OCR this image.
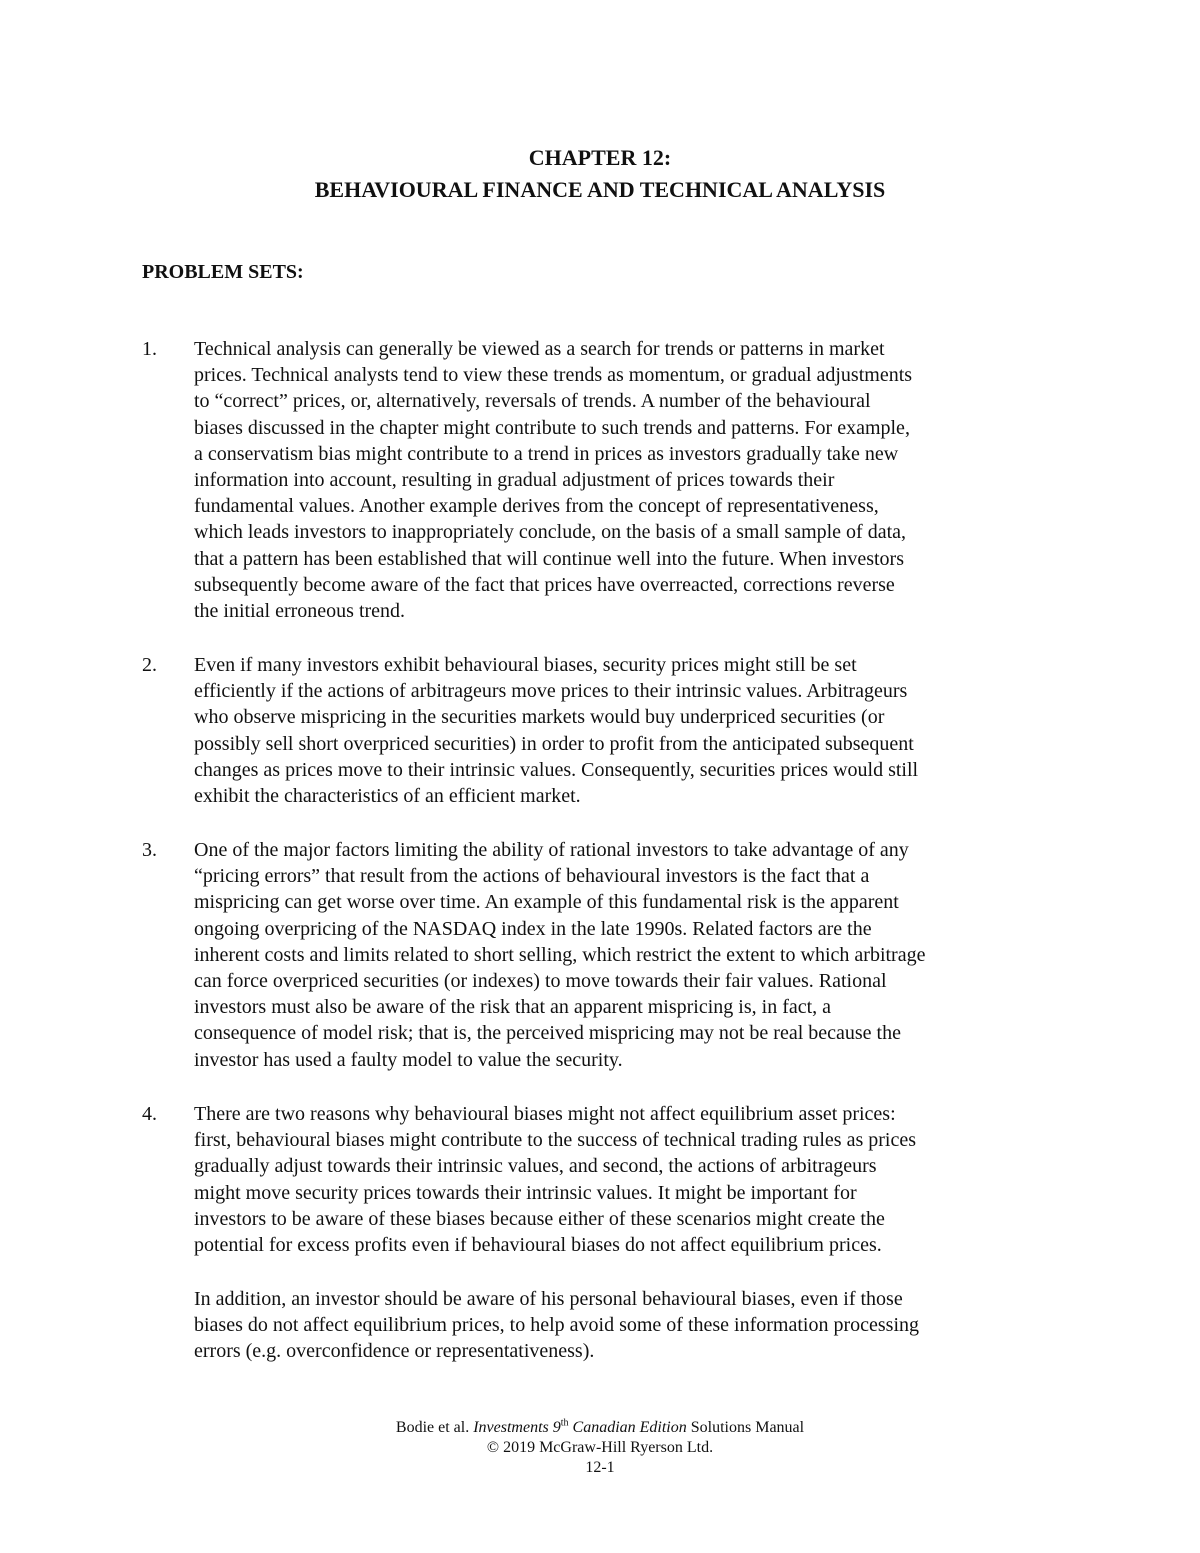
CHAPTER 12:
BEHAVIOURAL FINANCE AND TECHNICAL ANALYSIS
PROBLEM SETS:
1. Technical analysis can generally be viewed as a search for trends or patterns in market
prices. Technical analysts tend to view these trends as momentum, or gradual adjustments
to “correct” prices, or, alternatively, reversals of trends. A number of the behavioural
biases discussed in the chapter might contribute to such trends and patterns. For example,
a conservatism bias might contribute to a trend in prices as investors gradually take new
information into account, resulting in gradual adjustment of prices towards their
fundamental values. Another example derives from the concept of representativeness,
which leads investors to inappropriately conclude, on the basis of a small sample of data,
that a pattern has been established that will continue well into the future. When investors
subsequently become aware of the fact that prices have overreacted, corrections reverse
the initial erroneous trend.
2. Even if many investors exhibit behavioural biases, security prices might still be set
efficiently if the actions of arbitrageurs move prices to their intrinsic values. Arbitrageurs
who observe mispricing in the securities markets would buy underpriced securities (or
possibly sell short overpriced securities) in order to profit from the anticipated subsequent
changes as prices move to their intrinsic values. Consequently, securities prices would still
exhibit the characteristics of an efficient market.
3. One of the major factors limiting the ability of rational investors to take advantage of any
“pricing errors” that result from the actions of behavioural investors is the fact that a
mispricing can get worse over time. An example of this fundamental risk is the apparent
ongoing overpricing of the NASDAQ index in the late 1990s. Related factors are the
inherent costs and limits related to short selling, which restrict the extent to which arbitrage
can force overpriced securities (or indexes) to move towards their fair values. Rational
investors must also be aware of the risk that an apparent mispricing is, in fact, a
consequence of model risk; that is, the perceived mispricing may not be real because the
investor has used a faulty model to value the security.
4. There are two reasons why behavioural biases might not affect equilibrium asset prices:
first, behavioural biases might contribute to the success of technical trading rules as prices
gradually adjust towards their intrinsic values, and second, the actions of arbitrageurs
might move security prices towards their intrinsic values. It might be important for
investors to be aware of these biases because either of these scenarios might create the
potential for excess profits even if behavioural biases do not affect equilibrium prices.
In addition, an investor should be aware of his personal behavioural biases, even if those
biases do not affect equilibrium prices, to help avoid some of these information processing
errors (e.g. overconfidence or representativeness).
Bodie et al. Investments 9th Canadian Edition Solutions Manual
© 2019 McGraw-Hill Ryerson Ltd.
12-1
